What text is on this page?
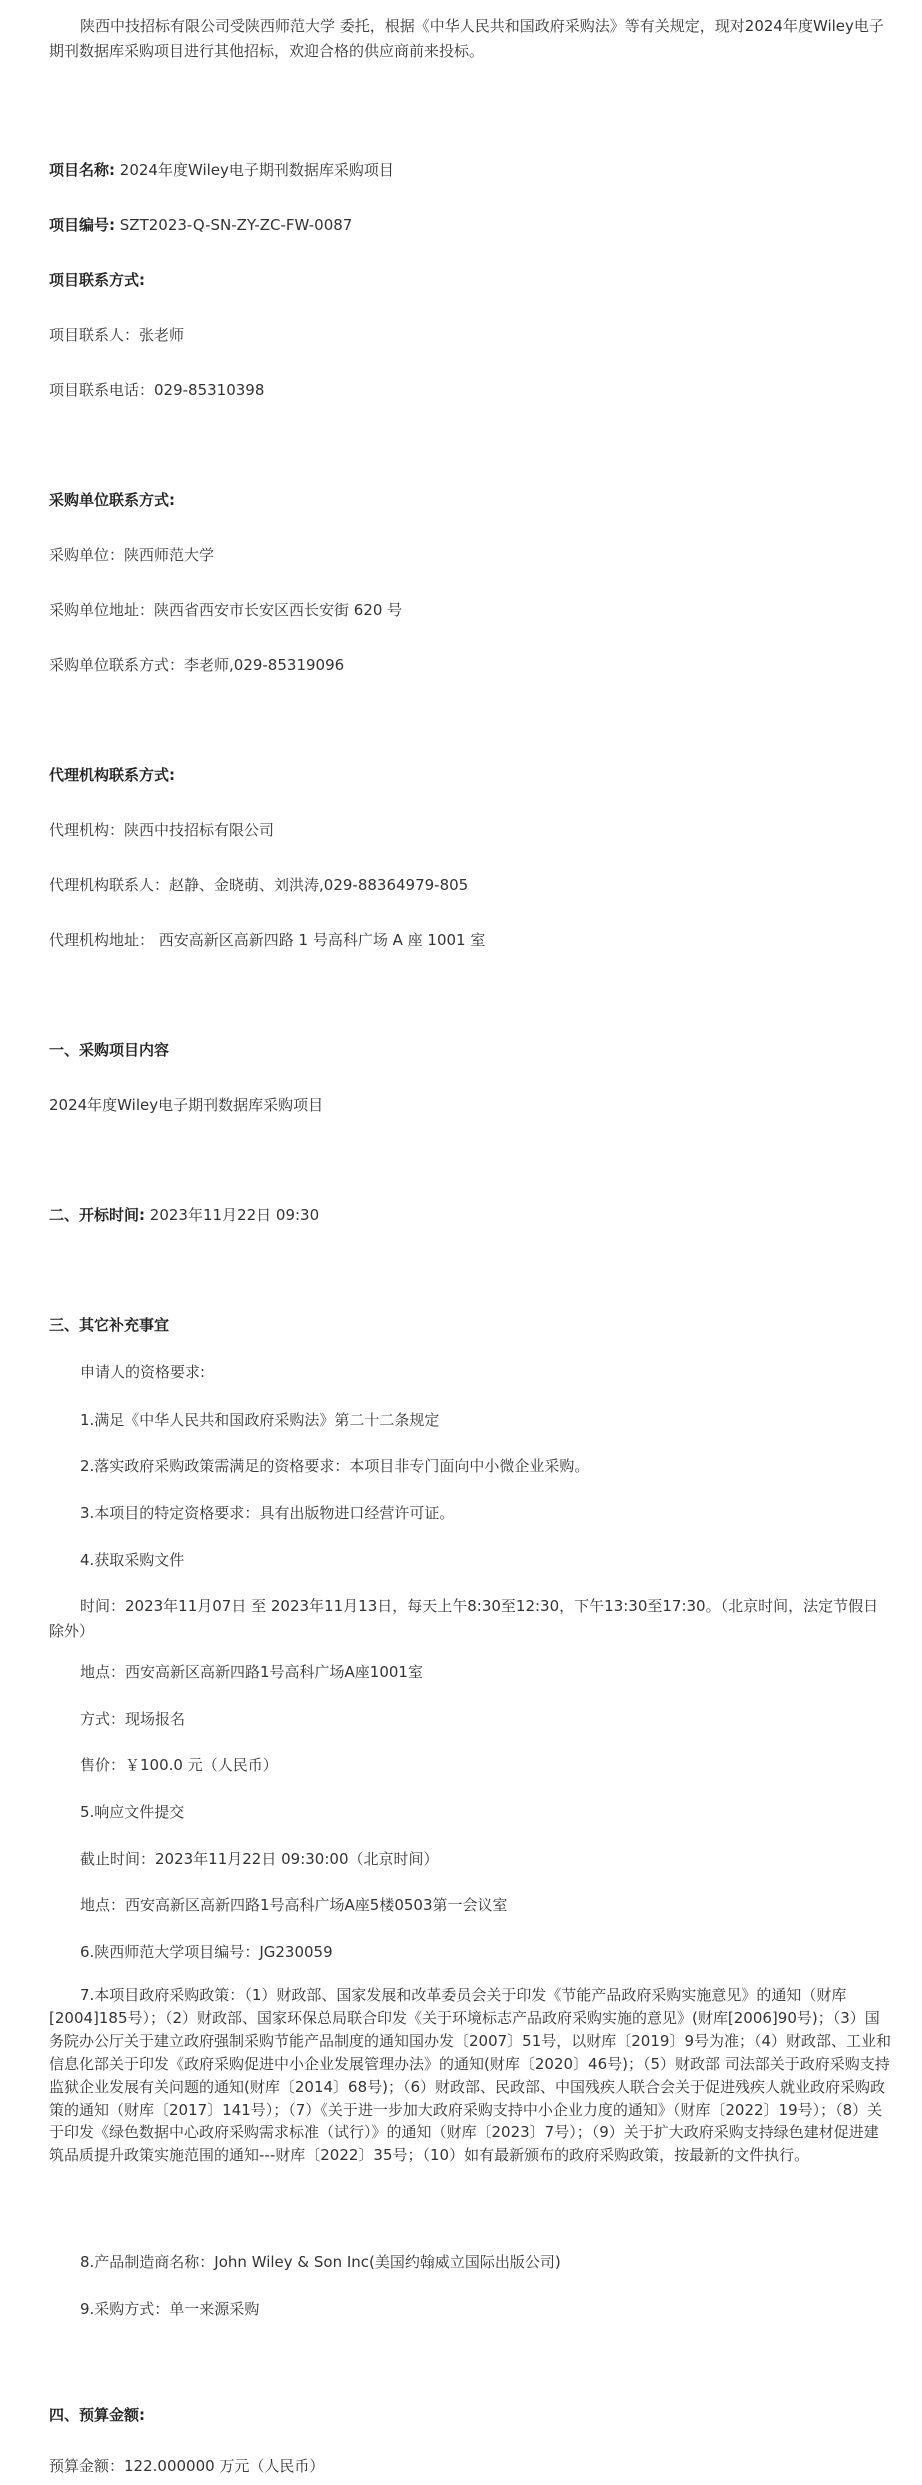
陕西中技招标有限公司受陕西师范大学 委托，根据《中华人民共和国政府采购法》等有关规定，现对2024年度Wiley电子期刊数据库采购项目进行其他招标，欢迎合格的供应商前来投标。

项目名称: 2024年度Wiley电子期刊数据库采购项目

项目编号: SZT2023-Q-SN-ZY-ZC-FW-0087

项目联系方式:

项目联系人：张老师

项目联系电话：029-85310398

采购单位联系方式:

采购单位：陕西师范大学

采购单位地址：陕西省西安市长安区西长安街 620 号

采购单位联系方式：李老师,029-85319096

代理机构联系方式:

代理机构：陕西中技招标有限公司

代理机构联系人：赵静、金晓萌、刘洪涛,029-88364979-805

代理机构地址： 西安高新区高新四路 1 号高科广场 A 座 1001 室

一、采购项目内容

2024年度Wiley电子期刊数据库采购项目

二、开标时间: 2023年11月22日 09:30

三、其它补充事宜

申请人的资格要求:

1.满足《中华人民共和国政府采购法》第二十二条规定

2.落实政府采购政策需满足的资格要求：本项目非专门面向中小微企业采购。

3.本项目的特定资格要求：具有出版物进口经营许可证。

4.获取采购文件

时间：2023年11月07日 至 2023年11月13日，每天上午8:30至12:30，下午13:30至17:30。（北京时间，法定节假日除外）

地点：西安高新区高新四路1号高科广场A座1001室

方式：现场报名

售价：￥100.0 元（人民币）

5.响应文件提交

截止时间：2023年11月22日 09:30:00（北京时间）

地点：西安高新区高新四路1号高科广场A座5楼0503第一会议室

6.陕西师范大学项目编号：JG230059

7.本项目政府采购政策：（1）财政部、国家发展和改革委员会关于印发《节能产品政府采购实施意见》的通知（财库[2004]185号）；（2）财政部、国家环保总局联合印发《关于环境标志产品政府采购实施的意见》(财库[2006]90号)；（3）国务院办公厅关于建立政府强制采购节能产品制度的通知国办发〔2007〕51号，以财库〔2019〕9号为准；（4）财政部、工业和信息化部关于印发《政府采购促进中小企业发展管理办法》的通知(财库〔2020〕46号)；（5）财政部 司法部关于政府采购支持监狱企业发展有关问题的通知(财库〔2014〕68号)；（6）财政部、民政部、中国残疾人联合会关于促进残疾人就业政府采购政策的通知（财库〔2017〕141号）；（7）《关于进一步加大政府采购支持中小企业力度的通知》（财库〔2022〕19号）；（8）关于印发《绿色数据中心政府采购需求标准（试行）》的通知（财库〔2023〕7号）；（9）关于扩大政府采购支持绿色建材促进建筑品质提升政策实施范围的通知---财库〔2022〕35号；（10）如有最新颁布的政府采购政策，按最新的文件执行。

8.产品制造商名称：John Wiley & Son Inc(美国约翰威立国际出版公司)

9.采购方式：单一来源采购

四、预算金额:

预算金额：122.000000 万元（人民币）
